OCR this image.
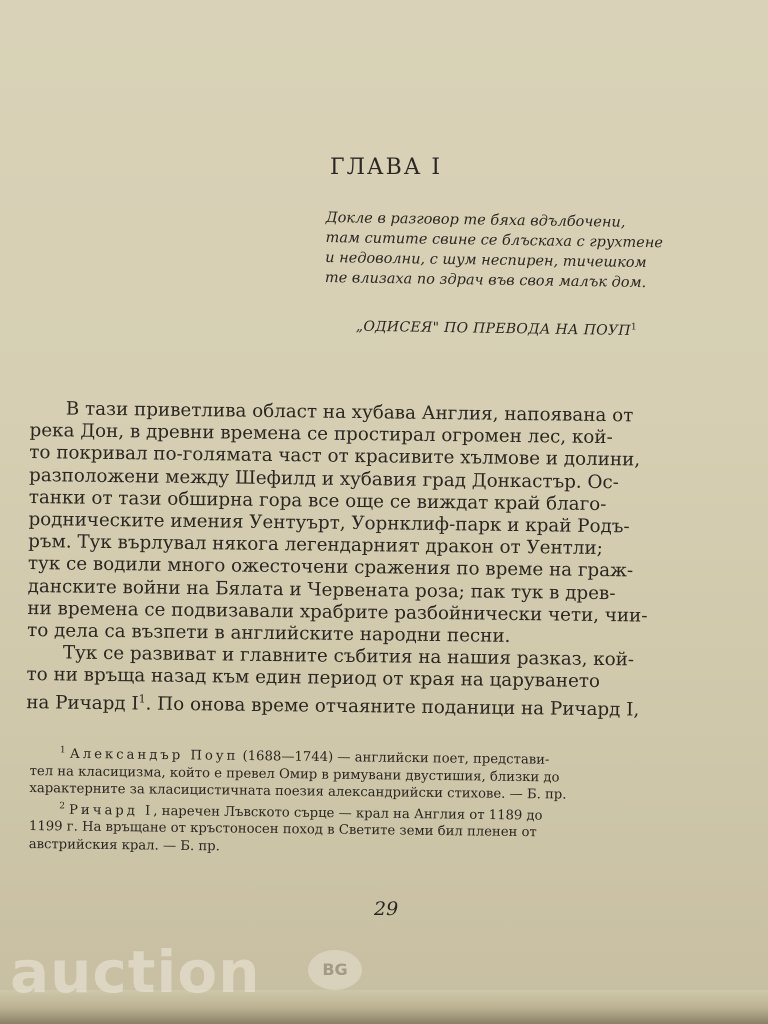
ГЛАВА I
Докле в разговор те бяха вдълбочени,
там ситите свине се блъскаха с грухтене
и недоволни, с шум неспирен, тичешком
те влизаха по здрач във своя малък дом.
„ОДИСЕЯ" ПО ПРЕВОДА НА ПОУП$^1$
В тази приветлива област на хубава Англия, напоявана от
река Дон, в древни времена се простирал огромен лес, кой-
то покривал по-голямата част от красивите хълмове и долини,
разположени между Шефилд и хубавия град Донкастър. Ос-
танки от тази обширна гора все още се виждат край благо-
родническите имения Уентуърт, Уорнклиф-парк и край Родъ-
ръм. Тук върлувал някога легендарният дракон от Уентли;
тук се водили много ожесточени сражения по време на граж-
данските войни на Бялата и Червената роза; пак тук в древ-
ни времена се подвизавали храбрите разбойнически чети, чии-
то дела са възпети в английските народни песни.
Тук се развиват и главните събития на нашия разказ, кой-
то ни връща назад към един период от края на царуването
на Ричард $I^1$. По онова време отчаяните поданици на Ричард I,
$^1$ Александър Поуп (1688—1744) — английски поет, представи-
тел на класицизма, който е превел Омир в римувани двустишия, близки до
характерните за класицистичната поезия александрийски стихове. — Б. пр.
$^2$ Ричард I, наречен Лъвското сърце — крал на Англия от 1189 до
1199 г. На връщане от кръстоносен поход в Светите земи бил пленен от
австрийския крал. — Б. пр.
29
auction	BG
